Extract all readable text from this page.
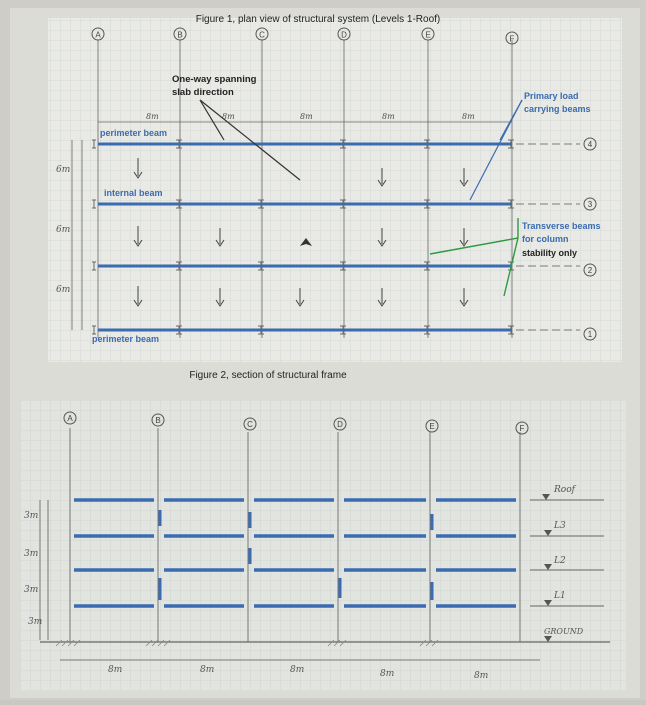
Figure 1, plan view of structural system (Levels 1-Roof)
A	B	C	D	E	F
8m	8m	8m	8m	8m
6m
6m
6m
4
3
2
1
One-way spanning
slab direction	Primary load
carrying beams
Transverse beams
for column
stability only
perimeter beam
internal beam
perimeter beam
Figure 2, section of structural frame
A	B	C	D	E	F
8m	8m	8m	8m	8m
3m
3m
3m
3m
Roof
L3
L2
L1
GROUND
